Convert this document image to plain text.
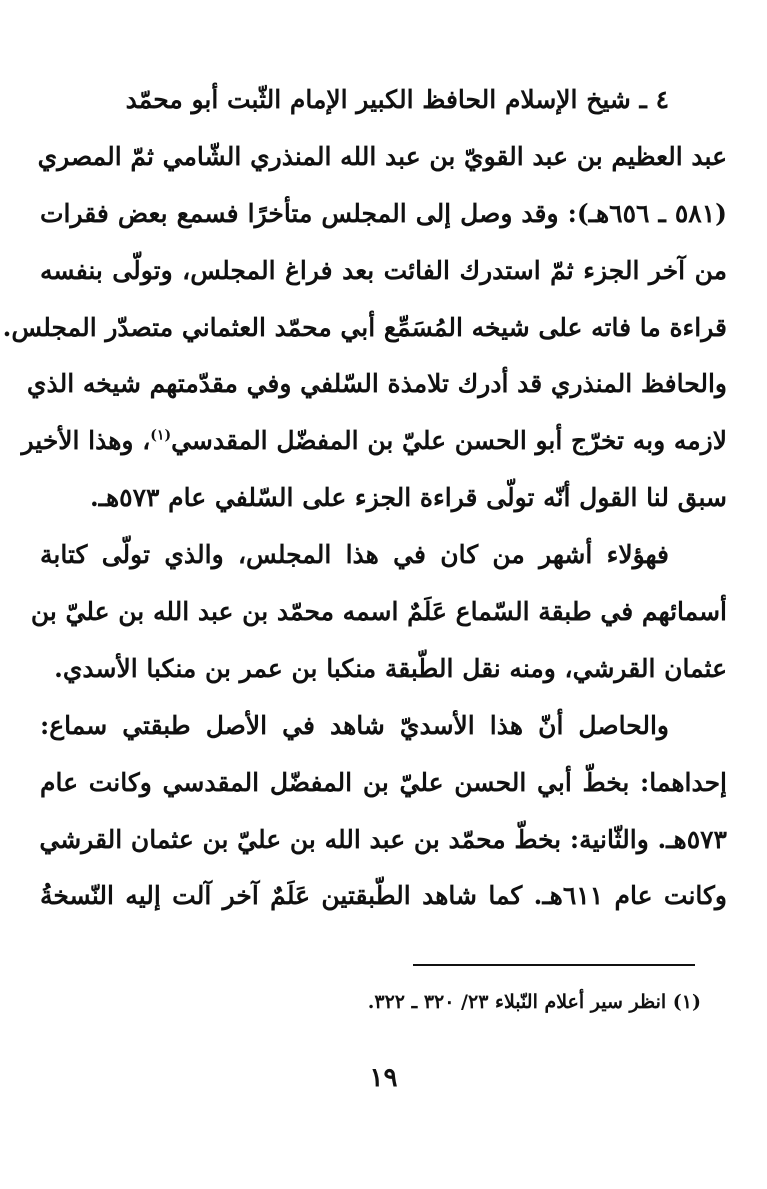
٤ ـ شيخ الإسلام الحافظ الكبير الإمام الثّبت أبو محمّد
عبد العظيم بن عبد القويّ بن عبد الله المنذري الشّامي ثمّ المصري
(٥٨١ ـ ٦٥٦هـ): وقد وصل إلى المجلس متأخرًا فسمع بعض فقرات
من آخر الجزء ثمّ استدرك الفائت بعد فراغ المجلس، وتولّى بنفسه
قراءة ما فاته على شيخه المُسَمِّع أبي محمّد العثماني متصدّر المجلس.
والحافظ المنذري قد أدرك تلامذة السّلفي وفي مقدّمتهم شيخه الذي
لازمه وبه تخرّج أبو الحسن عليّ بن المفضّل المقدسي$^{(١)}$، وهذا الأخير
سبق لنا القول أنّه تولّى قراءة الجزء على السّلفي عام ٥٧٣هـ.
فهؤلاء أشهر من كان في هذا المجلس، والذي تولّى كتابة
أسمائهم في طبقة السّماع عَلَمٌ اسمه محمّد بن عبد الله بن عليّ بن
عثمان القرشي، ومنه نقل الطّبقة منكبا بن عمر بن منكبا الأسدي.
والحاصل أنّ هذا الأسديّ شاهد في الأصل طبقتي سماع:
إحداهما: بخطّ أبي الحسن عليّ بن المفضّل المقدسي وكانت عام
٥٧٣هـ. والثّانية: بخطّ محمّد بن عبد الله بن عليّ بن عثمان القرشي
وكانت عام ٦١١هـ. كما شاهد الطّبقتين عَلَمٌ آخر آلت إليه النّسخةُ
(١) انظر سير أعلام النّبلاء ٢٣/ ٣٢٠ ـ ٣٢٢.
١٩
